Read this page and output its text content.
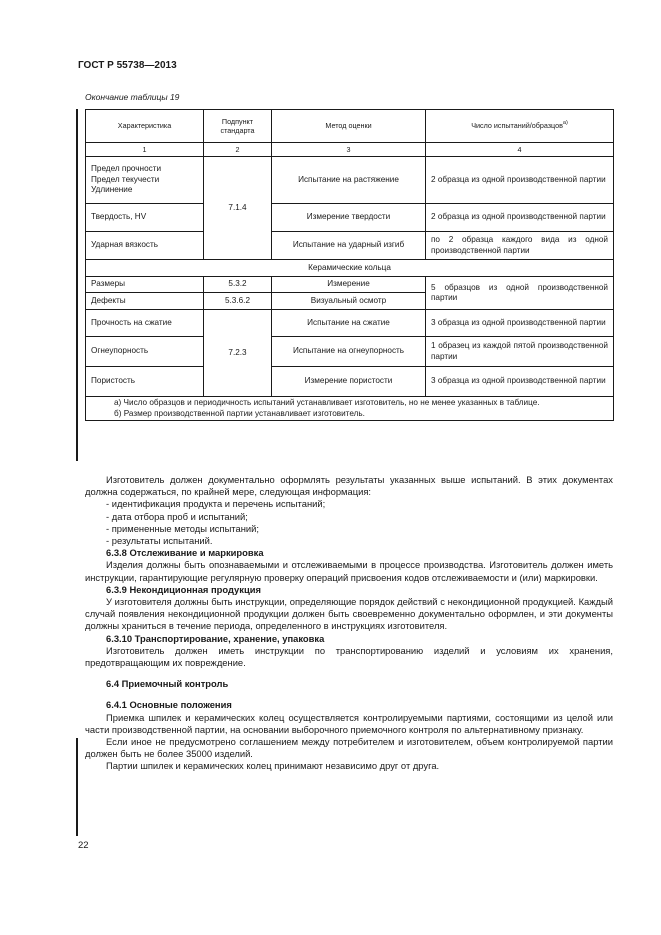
ГОСТ Р 55738—2013
Окончание таблицы 19
Характеристика	Подпункт стандарта	Метод оценки	Число испытаний/образцов$^{а)}$
1	2	3	4
Предел прочности
Предел текучести
Удлинение	7.1.4	Испытание на растяжение	2 образца из одной производственной партии
Твердость, HV		Измерение твердости	2 образца из одной производственной партии
Ударная вязкость		Испытание на ударный изгиб	по 2 образца каждого вида из одной производственной партии
Керамические кольца			
Размеры	5.3.2	Измерение	5 образцов из одной производственной партии
Дефекты	5.3.6.2	Визуальный осмотр	
Прочность на сжатие	7.2.3	Испытание на сжатие	3 образца из одной производственной партии
Огнеупорность		Испытание на огнеупорность	1 образец из каждой пятой производственной партии
Пористость		Измерение пористости	3 образца из одной производственной партии

а) Число образцов и периодичность испытаний устанавливает изготовитель, но не менее указанных в таблице.

б) Размер производственной партии устанавливает изготовитель.			

Изготовитель должен документально оформлять результаты указанных выше испытаний. В этих документах должна содержаться, по крайней мере, следующая информация:

- идентификация продукта и перечень испытаний;

- дата отбора проб и испытаний;

- примененные методы испытаний;

- результаты испытаний.

6.3.8 Отслеживание и маркировка

Изделия должны быть опознаваемыми и отслеживаемыми в процессе производства. Изготовитель должен иметь инструкции, гарантирующие регулярную проверку операций присвоения кодов отслеживаемости и (или) маркировки.

6.3.9 Некондиционная продукция

У изготовителя должны быть инструкции, определяющие порядок действий с некондиционной продукцией. Каждый случай появления некондиционной продукции должен быть своевременно документально оформлен, и эти документы должны храниться в течение периода, определенного в инструкциях изготовителя.

6.3.10 Транспортирование, хранение, упаковка

Изготовитель должен иметь инструкции по транспортированию изделий и условиям их хранения, предотвращающим их повреждение.

6.4 Приемочный контроль

6.4.1 Основные положения

Приемка шпилек и керамических колец осуществляется контролируемыми партиями, состоящими из целой или части производственной партии, на основании выборочного приемочного контроля по альтернативному признаку.

Если иное не предусмотрено соглашением между потребителем и изготовителем, объем контролируемой партии должен быть не более 35000 изделий.

Партии шпилек и керамических колец принимают независимо друг от друга.

22
